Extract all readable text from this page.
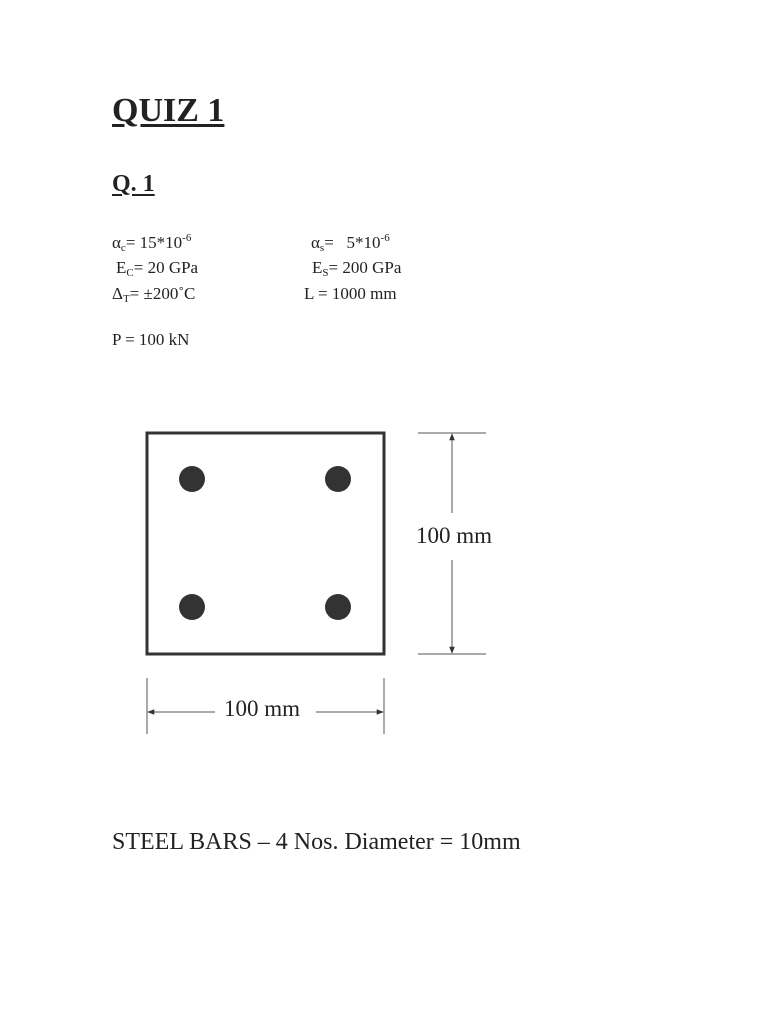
QUIZ 1
Q. 1
$\alpha_c= 15*10^{-6}$
$E_C= 20$ GPa
$\Delta_T=$ ±200˚C
$\alpha_s= 5*10^{-6}$
$E_S= 200$ GPa
L = 1000 mm
P = 100 kN
100 mm
100 mm
STEEL BARS – 4 Nos. Diameter = 10mm
